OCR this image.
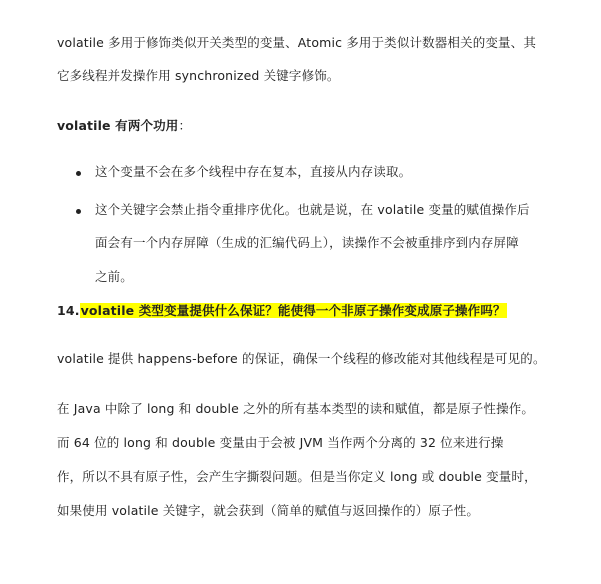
volatile 多用于修饰类似开关类型的变量、Atomic 多用于类似计数器相关的变量、其
它多线程并发操作用 synchronized 关键字修饰。
volatile 有两个功用：
这个变量不会在多个线程中存在复本，直接从内存读取。
这个关键字会禁止指令重排序优化。也就是说，在 volatile 变量的赋值操作后
面会有一个内存屏障（生成的汇编代码上），读操作不会被重排序到内存屏障
之前。
14.volatile 类型变量提供什么保证？能使得一个非原子操作变成原子操作吗？
volatile 提供 happens-before 的保证，确保一个线程的修改能对其他线程是可见的。
在 Java 中除了 long 和 double 之外的所有基本类型的读和赋值，都是原子性操作。
而 64 位的 long 和 double 变量由于会被 JVM 当作两个分离的 32 位来进行操
作，所以不具有原子性，会产生字撕裂问题。但是当你定义 long 或 double 变量时，
如果使用 volatile 关键字，就会获到（简单的赋值与返回操作的）原子性。
